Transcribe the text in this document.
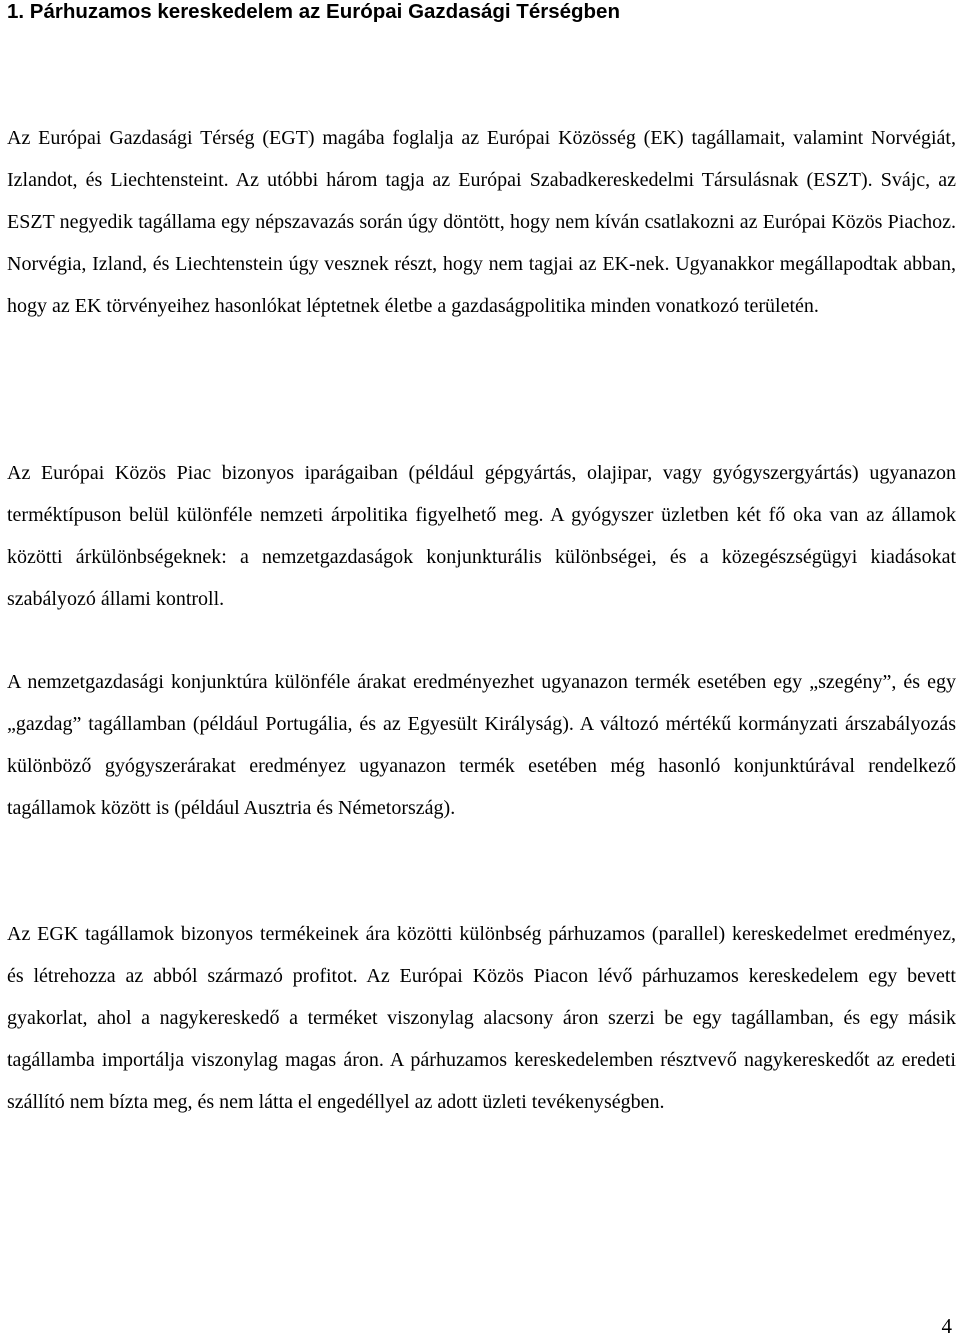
1. Párhuzamos kereskedelem az Európai Gazdasági Térségben

Az Európai Gazdasági Térség (EGT) magába foglalja az Európai Közösség (EK) tagállamait, valamint Norvégiát, Izlandot, és Liechtensteint. Az utóbbi három tagja az Európai Szabadkereskedelmi Társulásnak (ESZT). Svájc, az ESZT negyedik tagállama egy népszavazás során úgy döntött, hogy nem kíván csatlakozni az Európai Közös Piachoz. Norvégia, Izland, és Liechtenstein úgy vesznek részt, hogy nem tagjai az EK-nek. Ugyanakkor megállapodtak abban, hogy az EK törvényeihez hasonlókat léptetnek életbe a gazdaságpolitika minden vonatkozó területén.

Az Európai Közös Piac bizonyos iparágaiban (például gépgyártás, olajipar, vagy gyógyszergyártás) ugyanazon terméktípuson belül különféle nemzeti árpolitika figyelhető meg. A gyógyszer üzletben két fő oka van az államok közötti árkülönbségeknek: a nemzetgazdaságok konjunkturális különbségei, és a közegészségügyi kiadásokat szabályozó állami kontroll.

A nemzetgazdasági konjunktúra különféle árakat eredményezhet ugyanazon termék esetében egy „szegény”, és egy „gazdag” tagállamban (például Portugália, és az Egyesült Királyság). A változó mértékű kormányzati árszabályozás különböző gyógyszerárakat eredményez ugyanazon termék esetében még hasonló konjunktúrával rendelkező tagállamok között is (például Ausztria és Németország).

Az EGK tagállamok bizonyos termékeinek ára közötti különbség párhuzamos (parallel) kereskedelmet eredményez, és létrehozza az abból származó profitot. Az Európai Közös Piacon lévő párhuzamos kereskedelem egy bevett gyakorlat, ahol a nagykereskedő a terméket viszonylag alacsony áron szerzi be egy tagállamban, és egy másik tagállamba importálja viszonylag magas áron. A párhuzamos kereskedelemben résztvevő nagykereskedőt az eredeti szállító nem bízta meg, és nem látta el engedéllyel az adott üzleti tevékenységben.

4
